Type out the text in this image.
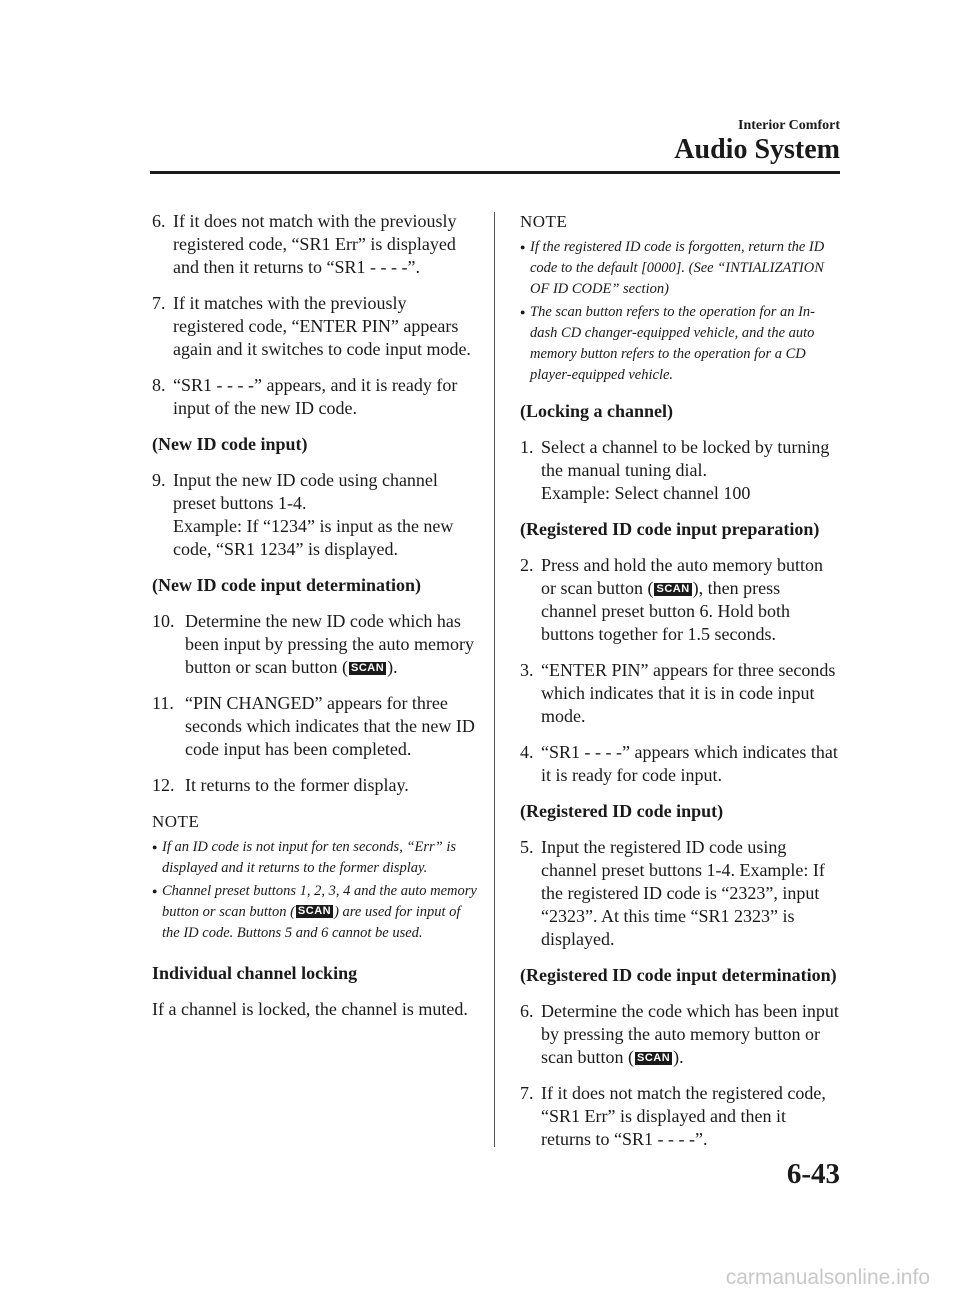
Interior Comfort
Audio System
6. If it does not match with the previously registered code, “SR1 Err” is displayed and then it returns to “SR1 - - - -”.
7. If it matches with the previously registered code, “ENTER PIN” appears again and it switches to code input mode.
8. “SR1 - - - -” appears, and it is ready for input of the new ID code.
(New ID code input)
9. Input the new ID code using channel preset buttons 1-4.
Example: If “1234” is input as the new code, “SR1 1234” is displayed.
(New ID code input determination)
10. Determine the new ID code which has been input by pressing the auto memory button or scan button ( SCAN ).
11. “PIN CHANGED” appears for three seconds which indicates that the new ID code input has been completed.
12. It returns to the former display.
NOTE
● If an ID code is not input for ten seconds, “Err” is displayed and it returns to the former display.
● Channel preset buttons 1, 2, 3, 4 and the auto memory button or scan button ( SCAN ) are used for input of the ID code. Buttons 5 and 6 cannot be used.
Individual channel locking
If a channel is locked, the channel is muted.
NOTE
● If the registered ID code is forgotten, return the ID code to the default [0000]. (See “INTIALIZATION OF ID CODE” section)
● The scan button refers to the operation for an In-dash CD changer-equipped vehicle, and the auto memory button refers to the operation for a CD player-equipped vehicle.
(Locking a channel)
1. Select a channel to be locked by turning the manual tuning dial.
Example: Select channel 100
(Registered ID code input preparation)
2. Press and hold the auto memory button or scan button ( SCAN ), then press channel preset button 6. Hold both buttons together for 1.5 seconds.
3. “ENTER PIN” appears for three seconds which indicates that it is in code input mode.
4. “SR1 - - - -” appears which indicates that it is ready for code input.
(Registered ID code input)
5. Input the registered ID code using channel preset buttons 1-4. Example: If the registered ID code is “2323”, input “2323”. At this time “SR1 2323” is displayed.
(Registered ID code input determination)
6. Determine the code which has been input by pressing the auto memory button or scan button ( SCAN ).
7. If it does not match the registered code, “SR1 Err” is displayed and then it returns to “SR1 - - - -”.
6-43
carmanualsonline.info
